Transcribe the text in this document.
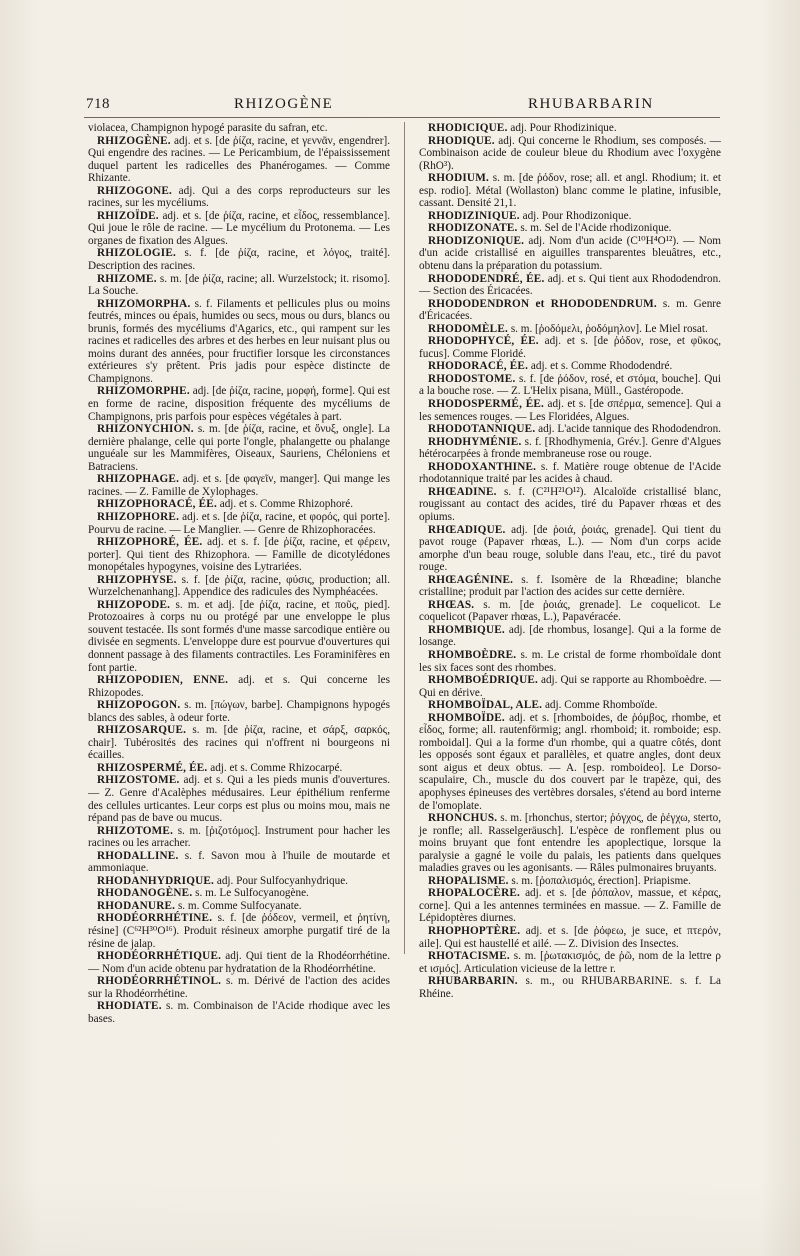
718	RHIZOGÈNE	RHUBARBARIN

violacea, Champignon hypogé parasite du safran, etc.

RHIZOGÈNE. adj. et s. [de ῥίζα, racine, et γεννᾶν, engendrer]. Qui engendre des racines. — Le Pericambium, de l'épaississement duquel partent les radicelles des Phanérogames. — Comme Rhizante.

RHIZOGONE. adj. Qui a des corps reproducteurs sur les racines, sur les mycéliums.

RHIZOÏDE. adj. et s. [de ῥίζα, racine, et εἶδος, ressemblance]. Qui joue le rôle de racine. — Le mycélium du Protonema. — Les organes de fixation des Algues.

RHIZOLOGIE. s. f. [de ῥίζα, racine, et λόγος, traité]. Description des racines.

RHIZOME. s. m. [de ῥίζα, racine; all. Wurzelstock; it. risomo]. La Souche.

RHIZOMORPHA. s. f. Filaments et pellicules plus ou moins feutrés, minces ou épais, humides ou secs, mous ou durs, blancs ou brunis, formés des mycéliums d'Agarics, etc., qui rampent sur les racines et radicelles des arbres et des herbes en leur nuisant plus ou moins durant des années, pour fructifier lorsque les circonstances extérieures s'y prêtent. Pris jadis pour espèce distincte de Champignons.

RHIZOMORPHE. adj. [de ῥίζα, racine, μορφή, forme]. Qui est en forme de racine, disposition fréquente des mycéliums de Champignons, pris parfois pour espèces végétales à part.

RHIZONYCHION. s. m. [de ῥίζα, racine, et ὄνυξ, ongle]. La dernière phalange, celle qui porte l'ongle, phalangette ou phalange unguéale sur les Mammifères, Oiseaux, Sauriens, Chéloniens et Batraciens.

RHIZOPHAGE. adj. et s. [de φαγεῖν, manger]. Qui mange les racines. — Z. Famille de Xylophages.

RHIZOPHORACÉ, ÉE. adj. et s. Comme Rhizophoré.

RHIZOPHORE. adj. et s. [de ῥίζα, racine, et φορός, qui porte]. Pourvu de racine. — Le Manglier. — Genre de Rhizophoracées.

RHIZOPHORÉ, ÉE. adj. et s. f. [de ῥίζα, racine, et φέρειν, porter]. Qui tient des Rhizophora. — Famille de dicotylédones monopétales hypogynes, voisine des Lytrariées.

RHIZOPHYSE. s. f. [de ῥίζα, racine, φύσις, production; all. Wurzelchenanhang]. Appendice des radicules des Nymphéacées.

RHIZOPODE. s. m. et adj. [de ῥίζα, racine, et ποῦς, pied]. Protozoaires à corps nu ou protégé par une enveloppe le plus souvent testacée. Ils sont formés d'une masse sarcodique entière ou divisée en segments. L'enveloppe dure est pourvue d'ouvertures qui donnent passage à des filaments contractiles. Les Foraminifères en font partie.

RHIZOPODIEN, ENNE. adj. et s. Qui concerne les Rhizopodes.

RHIZOPOGON. s. m. [πώγων, barbe]. Champignons hypogés blancs des sables, à odeur forte.

RHIZOSARQUE. s. m. [de ῥίζα, racine, et σάρξ, σαρκός, chair]. Tubérosités des racines qui n'offrent ni bourgeons ni écailles.

RHIZOSPERMÉ, ÉE. adj. et s. Comme Rhizocarpé.

RHIZOSTOME. adj. et s. Qui a les pieds munis d'ouvertures. — Z. Genre d'Acalèphes médusaires. Leur épithélium renferme des cellules urticantes. Leur corps est plus ou moins mou, mais ne répand pas de bave ou mucus.

RHIZOTOME. s. m. [ῥιζοτόμος]. Instrument pour hacher les racines ou les arracher.

RHODALLINE. s. f. Savon mou à l'huile de moutarde et ammoniaque.

RHODANHYDRIQUE. adj. Pour Sulfocyanhydrique.

RHODANOGÈNE. s. m. Le Sulfocyanogène.

RHODANURE. s. m. Comme Sulfocyanate.

RHODÉORRHÉTINE. s. f. [de ῥόδεον, vermeil, et ῥητίνη, résine] (C⁶²H³⁰O¹⁶). Produit résineux amorphe purgatif tiré de la résine de jalap.

RHODÉORRHÉTIQUE. adj. Qui tient de la Rhodéorrhétine. — Nom d'un acide obtenu par hydratation de la Rhodéorrhétine.

RHODÉORRHÉTINOL. s. m. Dérivé de l'action des acides sur la Rhodéorrhétine.

RHODIATE. s. m. Combinaison de l'Acide rhodique avec les bases.

RHODICIQUE. adj. Pour Rhodizinique.

RHODIQUE. adj. Qui concerne le Rhodium, ses composés. — Combinaison acide de couleur bleue du Rhodium avec l'oxygène (RhO³).

RHODIUM. s. m. [de ῥόδον, rose; all. et angl. Rhodium; it. et esp. rodio]. Métal (Wollaston) blanc comme le platine, infusible, cassant. Densité 21,1.

RHODIZINIQUE. adj. Pour Rhodizonique.

RHODIZONATE. s. m. Sel de l'Acide rhodizonique.

RHODIZONIQUE. adj. Nom d'un acide (C¹⁰H⁴O¹²). — Nom d'un acide cristallisé en aiguilles transparentes bleuâtres, etc., obtenu dans la préparation du potassium.

RHODODENDRÉ, ÉE. adj. et s. Qui tient aux Rhododendron. — Section des Éricacées.

RHODODENDRON et RHODODENDRUM. s. m. Genre d'Éricacées.

RHODOMÈLE. s. m. [ῥοδόμελι, ῥοδόμηλον]. Le Miel rosat.

RHODOPHYCÉ, ÉE. adj. et s. [de ῥόδον, rose, et φῦκος, fucus]. Comme Floridé.

RHODORACÉ, ÉE. adj. et s. Comme Rhododendré.

RHODOSTOME. s. f. [de ῥόδον, rosé, et στόμα, bouche]. Qui a la bouche rose. — Z. L'Helix pisana, Müll., Gastéropode.

RHODOSPERMÉ, ÉE. adj. et s. [de σπέρμα, semence]. Qui a les semences rouges. — Les Floridées, Algues.

RHODOTANNIQUE. adj. L'acide tannique des Rhododendron.

RHODHYMÉNIE. s. f. [Rhodhymenia, Grév.]. Genre d'Algues hétérocarpées à fronde membraneuse rose ou rouge.

RHODOXANTHINE. s. f. Matière rouge obtenue de l'Acide rhodotannique traité par les acides à chaud.

RHŒADINE. s. f. (C²¹H²¹O¹²). Alcaloïde cristallisé blanc, rougissant au contact des acides, tiré du Papaver rhœas et des opiums.

RHŒADIQUE. adj. [de ῥοιά, ῥοιάς, grenade]. Qui tient du pavot rouge (Papaver rhœas, L.). — Nom d'un corps acide amorphe d'un beau rouge, soluble dans l'eau, etc., tiré du pavot rouge.

RHŒAGÉNINE. s. f. Isomère de la Rhœadine; blanche cristalline; produit par l'action des acides sur cette dernière.

RHŒAS. s. m. [de ῥοιάς, grenade]. Le coquelicot. Le coquelicot (Papaver rhœas, L.), Papavéracée.

RHOMBIQUE. adj. [de rhombus, losange]. Qui a la forme de losange.

RHOMBOÈDRE. s. m. Le cristal de forme rhomboïdale dont les six faces sont des rhombes.

RHOMBOÉDRIQUE. adj. Qui se rapporte au Rhomboèdre. — Qui en dérive.

RHOMBOÏDAL, ALE. adj. Comme Rhomboïde.

RHOMBOÏDE. adj. et s. [rhomboides, de ῥόμβος, rhombe, et εἶδος, forme; all. rautenförmig; angl. rhomboid; it. romboide; esp. romboidal]. Qui a la forme d'un rhombe, qui a quatre côtés, dont les opposés sont égaux et parallèles, et quatre angles, dont deux sont aigus et deux obtus. — A. [esp. romboideo]. Le Dorso-scapulaire, Ch., muscle du dos couvert par le trapèze, qui, des apophyses épineuses des vertèbres dorsales, s'étend au bord interne de l'omoplate.

RHONCHUS. s. m. [rhonchus, stertor; ῥόγχος, de ῥέγχω, sterto, je ronfle; all. Rasselgeräusch]. L'espèce de ronflement plus ou moins bruyant que font entendre les apoplectique, lorsque la paralysie a gagné le voile du palais, les patients dans quelques maladies graves ou les agonisants. — Râles pulmonaires bruyants.

RHOPALISME. s. m. [ῥοπαλισμός, érection]. Priapisme.

RHOPALOCÈRE. adj. et s. [de ῥόπαλον, massue, et κέρας, corne]. Qui a les antennes terminées en massue. — Z. Famille de Lépidoptères diurnes.

RHOPHOPTÈRE. adj. et s. [de ῥόφεω, je suce, et πτερόν, aile]. Qui est haustellé et ailé. — Z. Division des Insectes.

RHOTACISME. s. m. [ῥωτακισμός, de ῥῶ, nom de la lettre ρ et ισμός]. Articulation vicieuse de la lettre r.

RHUBARBARIN. s. m., ou RHUBARBARINE. s. f. La Rhéine.
